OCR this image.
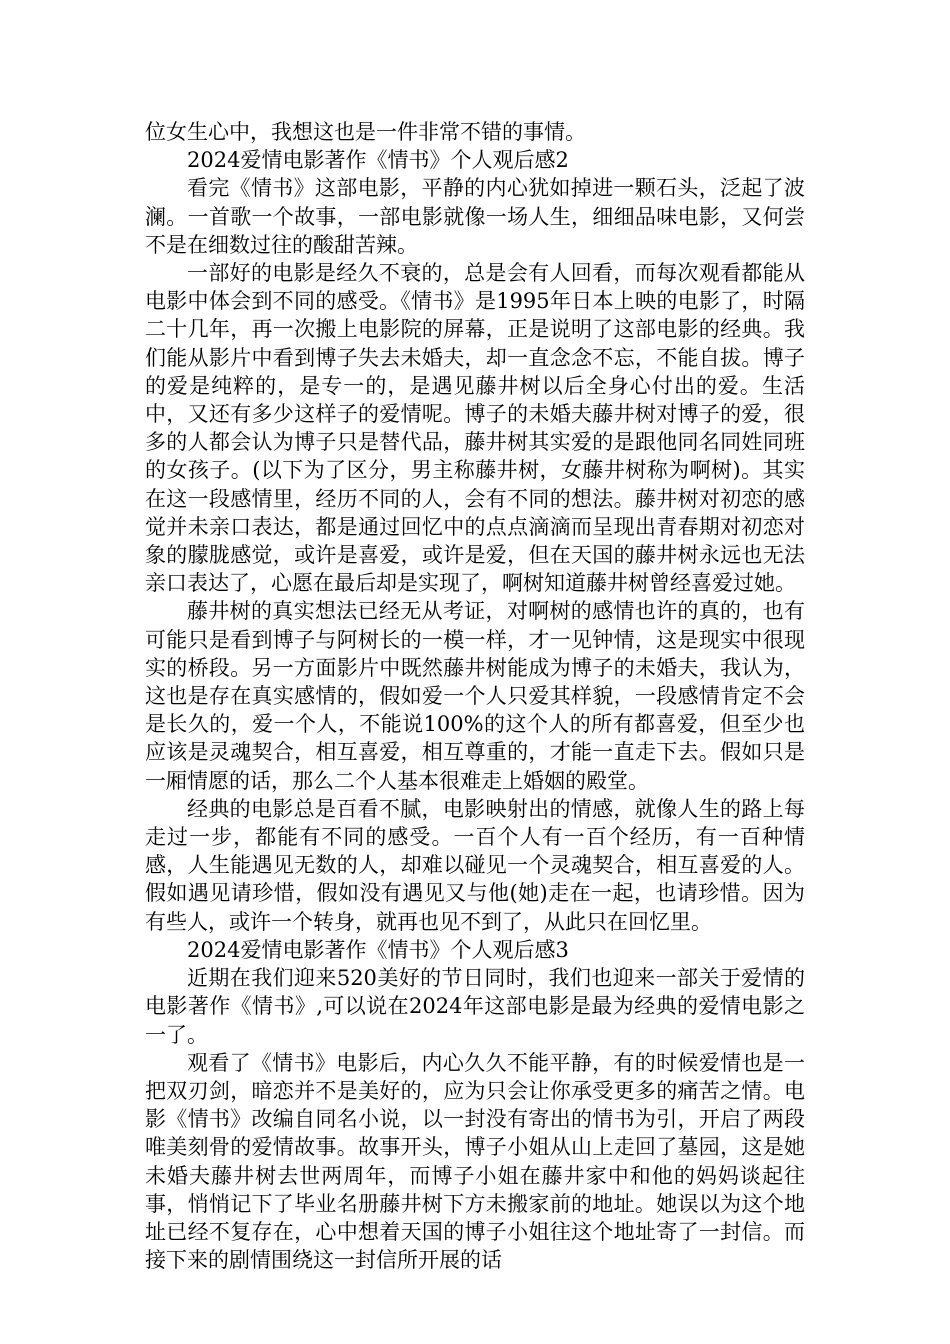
位女生心中，我想这也是一件非常不错的事情。

2024爱情电影著作《情书》个人观后感2

看完《情书》这部电影，平静的内心犹如掉进一颗石头，泛起了波澜。一首歌一个故事，一部电影就像一场人生，细细品味电影，又何尝不是在细数过往的酸甜苦辣。

一部好的电影是经久不衰的，总是会有人回看，而每次观看都能从电影中体会到不同的感受。《情书》是1995年日本上映的电影了，时隔二十几年，再一次搬上电影院的屏幕，正是说明了这部电影的经典。我们能从影片中看到博子失去未婚夫，却一直念念不忘，不能自拔。博子的爱是纯粹的，是专一的，是遇见藤井树以后全身心付出的爱。生活中，又还有多少这样子的爱情呢。博子的未婚夫藤井树对博子的爱，很多的人都会认为博子只是替代品，藤井树其实爱的是跟他同名同姓同班的女孩子。(以下为了区分，男主称藤井树，女藤井树称为啊树)。其实在这一段感情里，经历不同的人，会有不同的想法。藤井树对初恋的感觉并未亲口表达，都是通过回忆中的点点滴滴而呈现出青春期对初恋对象的朦胧感觉，或许是喜爱，或许是爱，但在天国的藤井树永远也无法亲口表达了，心愿在最后却是实现了，啊树知道藤井树曾经喜爱过她。

藤井树的真实想法已经无从考证，对啊树的感情也许的真的，也有可能只是看到博子与阿树长的一模一样，才一见钟情，这是现实中很现实的桥段。另一方面影片中既然藤井树能成为博子的未婚夫，我认为，这也是存在真实感情的，假如爱一个人只爱其样貌，一段感情肯定不会是长久的，爱一个人，不能说100%的这个人的所有都喜爱，但至少也应该是灵魂契合，相互喜爱，相互尊重的，才能一直走下去。假如只是一厢情愿的话，那么二个人基本很难走上婚姻的殿堂。

经典的电影总是百看不腻，电影映射出的情感，就像人生的路上每走过一步，都能有不同的感受。一百个人有一百个经历，有一百种情感，人生能遇见无数的人，却难以碰见一个灵魂契合，相互喜爱的人。假如遇见请珍惜，假如没有遇见又与他(她)走在一起，也请珍惜。因为有些人，或许一个转身，就再也见不到了，从此只在回忆里。

2024爱情电影著作《情书》个人观后感3

近期在我们迎来520美好的节日同时，我们也迎来一部关于爱情的电影著作《情书》,可以说在2024年这部电影是最为经典的爱情电影之一了。

观看了《情书》电影后，内心久久不能平静，有的时候爱情也是一把双刃剑，暗恋并不是美好的，应为只会让你承受更多的痛苦之情。电影《情书》改编自同名小说，以一封没有寄出的情书为引，开启了两段唯美刻骨的爱情故事。故事开头，博子小姐从山上走回了墓园，这是她未婚夫藤井树去世两周年，而博子小姐在藤井家中和他的妈妈谈起往事，悄悄记下了毕业名册藤井树下方未搬家前的地址。她误以为这个地址已经不复存在，心中想着天国的博子小姐往这个地址寄了一封信。而接下来的剧情围绕这一封信所开展的话
